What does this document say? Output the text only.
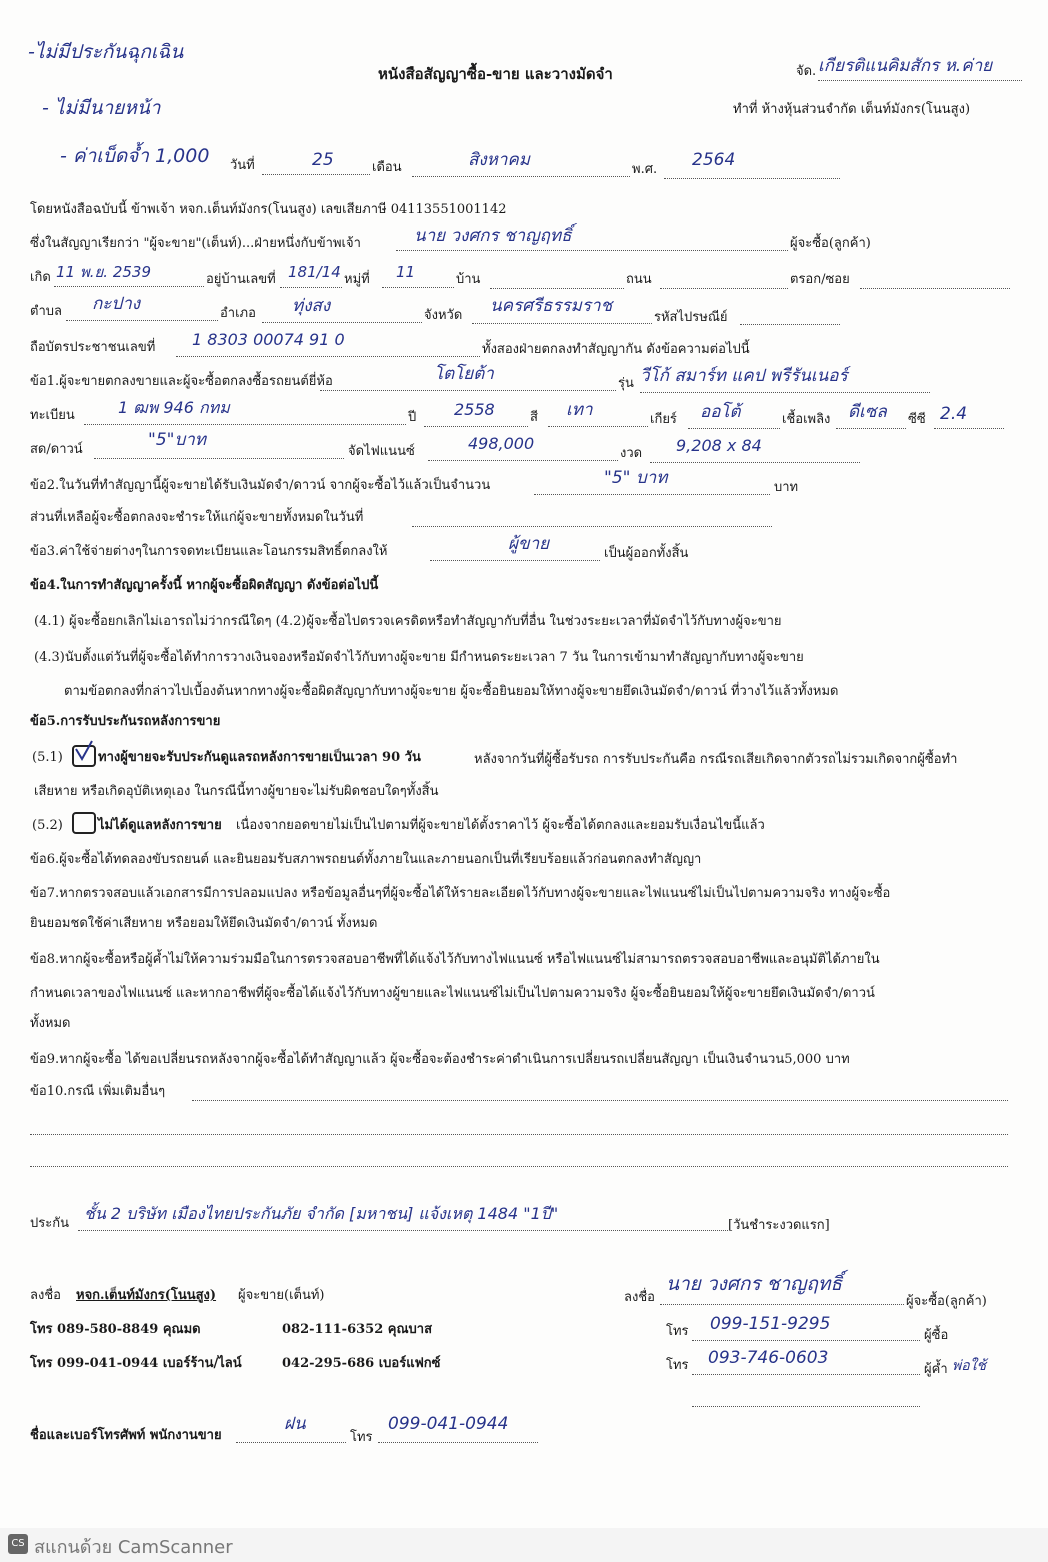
-ไม่มีประกันฉุกเฉิน
- ไม่มีนายหน้า
- ค่าเบ็ดจ้ำ 1,000
หนังสือสัญญาซื้อ-ขาย และวางมัดจำ	จัด. เกียรติแนคิมสักร ห.ค่าย
ทำที่ ห้างหุ้นส่วนจำกัด เต็นท์มังกร(โนนสูง)
วันที่	25	เดือน	สิงหาคม	พ.ศ. 2564
โดยหนังสือฉบับนี้ ข้าพเจ้า หจก.เต็นท์มังกร(โนนสูง) เลขเสียภาษี 04113551001142
ซึ่งในสัญญาเรียกว่า "ผู้จะขาย"(เต็นท์)...ฝ่ายหนึ่งกับข้าพเจ้า	นาย วงศกร ชาญฤทธิ์	ผู้จะซื้อ(ลูกค้า)
เกิด 11 พ.ย. 2539	อยู่บ้านเลขที่ 181/14 หมู่ที่ 11	บ้าน	ถนน	ตรอก/ซอย
ตำบล กะปาง	อำเภอ ทุ่งสง	จังหวัด นครศรีธรรมราช
รหัสไปรษณีย์
ถือบัตรประชาชนเลขที่ 1 8303 00074 91 0
ทั้งสองฝ่ายตกลงทำสัญญากัน ดังข้อความต่อไปนี้
ข้อ1.ผู้จะขายตกลงขายและผู้จะซื้อตกลงซื้อรถยนต์ยี่ห้อ	โตโยต้า	รุ่น วีโก้ สมาร์ท แคป พรีรันเนอร์
ทะเบียน	1 ฒพ 946 กทม
ปี 2558	สี เทา	เกียร์ ออโต้	เชื้อเพลิง ดีเซล ซีซี 2.4
สด/ดาวน์	"5"บาท
จัดไฟแนนซ์	498,000
งวด 9,208 x 84
ข้อ2.ในวันที่ทำสัญญานี้ผู้จะขายได้รับเงินมัดจำ/ดาวน์ จากผู้จะซื้อไว้แล้วเป็นจำนวน	"5" บาท	บาท
ส่วนที่เหลือผู้จะซื้อตกลงจะชำระให้แก่ผู้จะขายทั้งหมดในวันที่
ข้อ3.ค่าใช้จ่ายต่างๆในการจดทะเบียนและโอนกรรมสิทธิ์ตกลงให้	ผู้ขาย	เป็นผู้ออกทั้งสิ้น
ข้อ4.ในการทำสัญญาครั้งนี้ หากผู้จะซื้อผิดสัญญา ดังข้อต่อไปนี้
(4.1) ผู้จะซื้อยกเลิกไม่เอารถไม่ว่ากรณีใดๆ (4.2)ผู้จะซื้อไปตรวจเครดิตหรือทำสัญญากับที่อื่น ในช่วงระยะเวลาที่มัดจำไว้กับทางผู้จะขาย
(4.3)นับตั้งแต่วันที่ผู้จะซื้อได้ทำการวางเงินจองหรือมัดจำไว้กับทางผู้จะขาย มีกำหนดระยะเวลา 7 วัน ในการเข้ามาทำสัญญากับทางผู้จะขาย
ตามข้อตกลงที่กล่าวไปเบื้องต้นหากทางผู้จะซื้อผิดสัญญากับทางผู้จะขาย ผู้จะซื้อยินยอมให้ทางผู้จะขายยึดเงินมัดจำ/ดาวน์ ที่วางไว้แล้วทั้งหมด
ข้อ5.การรับประกันรถหลังการขาย
(5.1)	ทางผู้ขายจะรับประกันดูแลรถหลังการขายเป็นเวลา 90 วัน	หลังจากวันที่ผู้ซื้อรับรถ การรับประกันคือ กรณีรถเสียเกิดจากตัวรถไม่รวมเกิดจากผู้ซื้อทำ
เสียหาย หรือเกิดอุบัติเหตุเอง ในกรณีนี้ทางผู้ขายจะไม่รับผิดชอบใดๆทั้งสิ้น
(5.2)	ไม่ได้ดูแลหลังการขาย เนื่องจากยอดขายไม่เป็นไปตามที่ผู้จะขายได้ตั้งราคาไว้ ผู้จะซื้อได้ตกลงและยอมรับเงื่อนไขนี้แล้ว
ข้อ6.ผู้จะซื้อได้ทดลองขับรถยนต์ และยินยอมรับสภาพรถยนต์ทั้งภายในและภายนอกเป็นที่เรียบร้อยแล้วก่อนตกลงทำสัญญา
ข้อ7.หากตรวจสอบแล้วเอกสารมีการปลอมแปลง หรือข้อมูลอื่นๆที่ผู้จะซื้อได้ให้รายละเอียดไว้กับทางผู้จะขายและไฟแนนซ์ไม่เป็นไปตามความจริง ทางผู้จะซื้อ
ยินยอมชดใช้ค่าเสียหาย หรือยอมให้ยึดเงินมัดจำ/ดาวน์ ทั้งหมด
ข้อ8.หากผู้จะซื้อหรือผู้ค้ำไม่ให้ความร่วมมือในการตรวจสอบอาชีพที่ได้แจ้งไว้กับทางไฟแนนซ์ หรือไฟแนนซ์ไม่สามารถตรวจสอบอาชีพและอนุมัติได้ภายใน
กำหนดเวลาของไฟแนนซ์ และหากอาชีพที่ผู้จะซื้อได้แจ้งไว้กับทางผู้ขายและไฟแนนซ์ไม่เป็นไปตามความจริง ผู้จะซื้อยินยอมให้ผู้จะขายยึดเงินมัดจำ/ดาวน์
ทั้งหมด
ข้อ9.หากผู้จะซื้อ ได้ขอเปลี่ยนรถหลังจากผู้จะซื้อได้ทำสัญญาแล้ว ผู้จะซื้อจะต้องชำระค่าดำเนินการเปลี่ยนรถเปลี่ยนสัญญา เป็นเงินจำนวน5,000 บาท
ข้อ10.กรณี เพิ่มเติมอื่นๆ
ประกัน
ชั้น 2 บริษัท เมืองไทยประกันภัย จำกัด [มหาชน] แจ้งเหตุ 1484 "1ปี"
[วันชำระงวดแรก]
ลงชื่อ หจก.เต็นท์มังกร(โนนสูง) ผู้จะขาย(เต็นท์)	ลงชื่อ
นาย วงศกร ชาญฤทธิ์
ผู้จะซื้อ(ลูกค้า)
โทร 089-580-8849 คุณมด	082-111-6352 คุณบาส
โทร 099-041-0944 เบอร์ร้าน/ไลน์	042-295-686 เบอร์แฟกซ์
โทร 099-151-9295
ผู้ซื้อ
โทร 093-746-0603
ผู้ค้ำ พ่อใช้
ชื่อและเบอร์โทรศัพท์ พนักงานขาย
ฝน
โทร
099-041-0944
CS สแกนด้วย CamScanner
